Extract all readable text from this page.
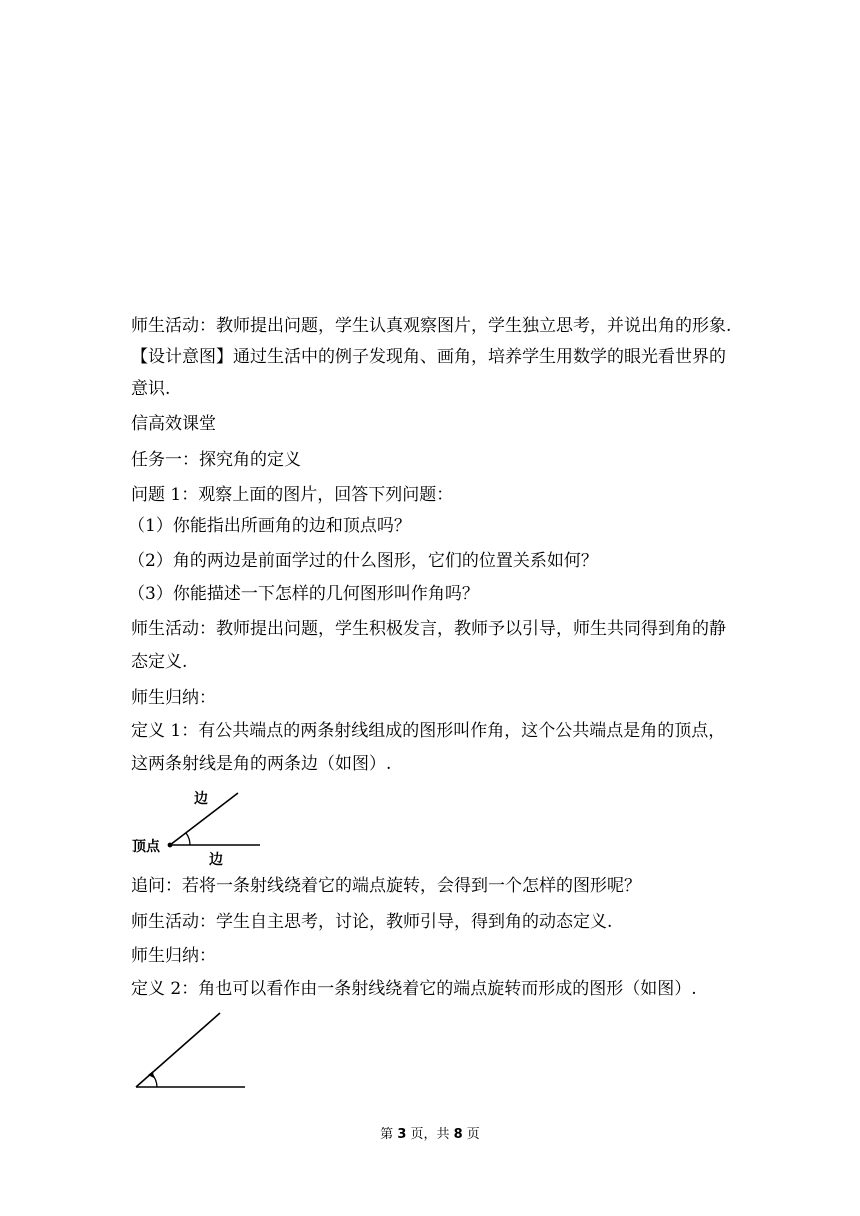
师生活动：教师提出问题，学生认真观察图片，学生独立思考，并说出角的形象.
【设计意图】通过生活中的例子发现角、画角，培养学生用数学的眼光看世界的
意识.
信高效课堂
任务一：探究角的定义
问题 1：观察上面的图片，回答下列问题：
（1）你能指出所画角的边和顶点吗？
（2）角的两边是前面学过的什么图形，它们的位置关系如何？
（3）你能描述一下怎样的几何图形叫作角吗？
师生活动：教师提出问题，学生积极发言，教师予以引导，师生共同得到角的静
态定义.
师生归纳：
定义 1：有公共端点的两条射线组成的图形叫作角，这个公共端点是角的顶点，
这两条射线是角的两条边（如图）.
边
顶点
边
追问：若将一条射线绕着它的端点旋转，会得到一个怎样的图形呢？
师生活动：学生自主思考，讨论，教师引导，得到角的动态定义.
师生归纳：
定义 2：角也可以看作由一条射线绕着它的端点旋转而形成的图形（如图）.
第 3 页，共 8 页
